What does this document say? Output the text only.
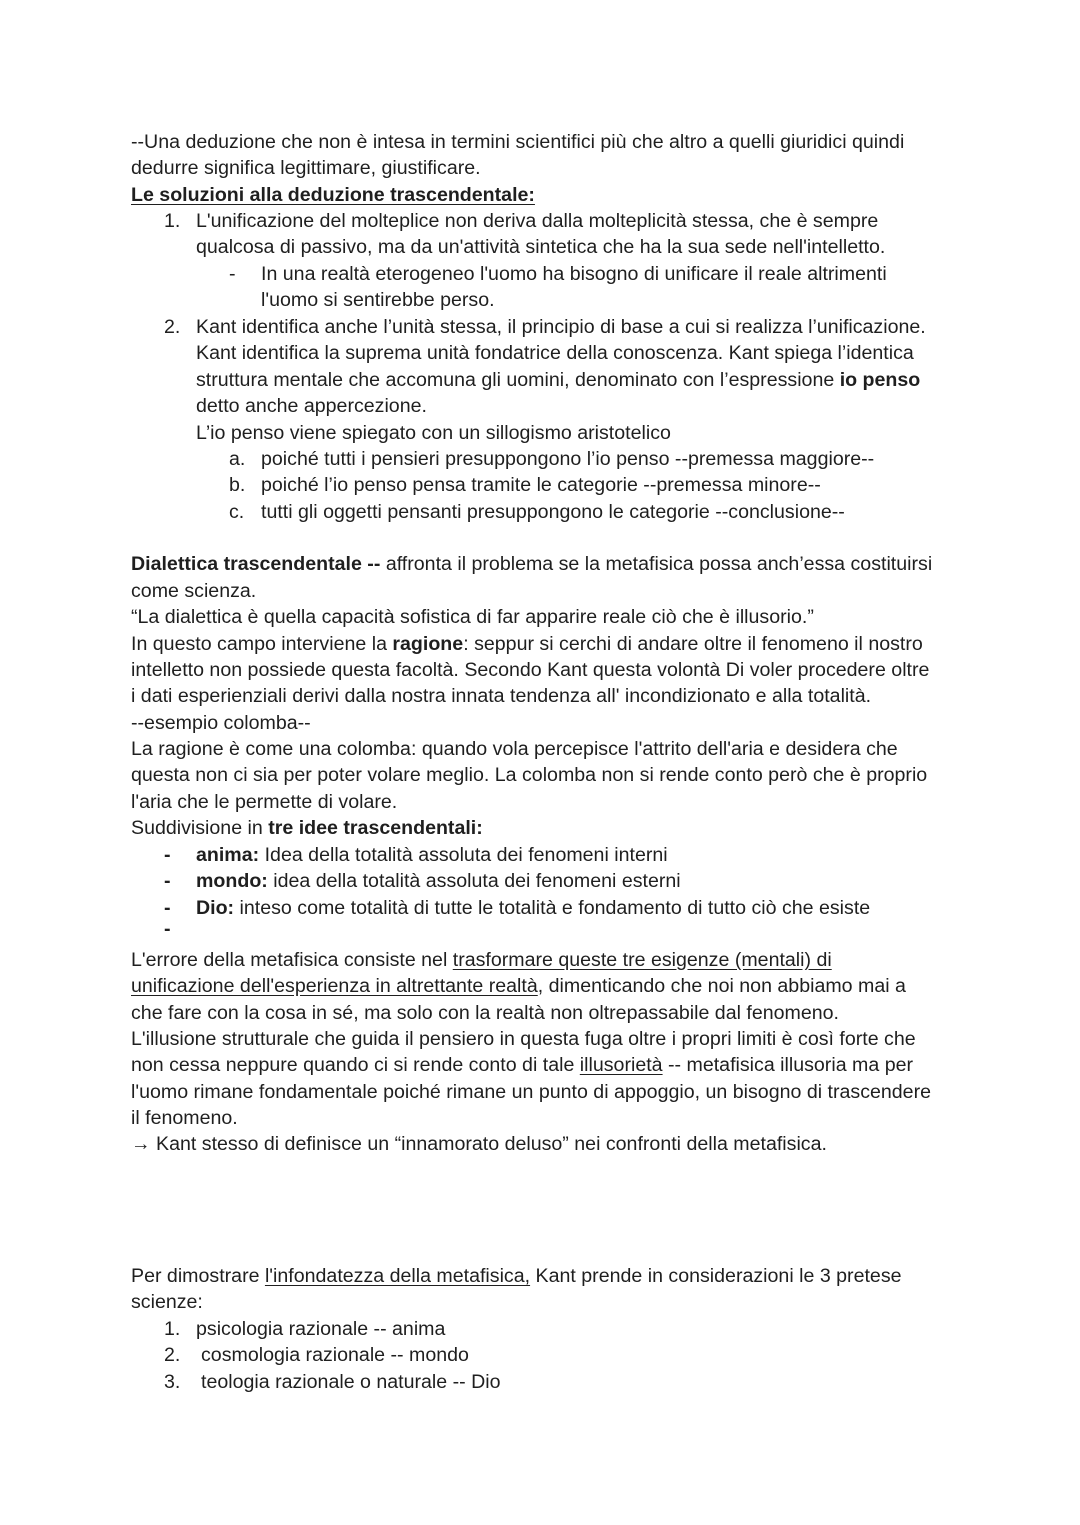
--Una deduzione che non è intesa in termini scientifici più che altro a quelli giuridici quindi
dedurre significa legittimare, giustificare.
Le soluzioni alla deduzione trascendentale:
1. L'unificazione del molteplice non deriva dalla molteplicità stessa, che è sempre
qualcosa di passivo, ma da un'attività sintetica che ha la sua sede nell'intelletto.
- In una realtà eterogeneo l'uomo ha bisogno di unificare il reale altrimenti
l'uomo si sentirebbe perso.
2. Kant identifica anche l’unità stessa, il principio di base a cui si realizza l’unificazione.
Kant identifica la suprema unità fondatrice della conoscenza. Kant spiega l’identica
struttura mentale che accomuna gli uomini, denominato con l’espressione io penso
detto anche appercezione.
L’io penso viene spiegato con un sillogismo aristotelico
a. poiché tutti i pensieri presuppongono l’io penso --premessa maggiore--
b. poiché l’io penso pensa tramite le categorie --premessa minore--
c. tutti gli oggetti pensanti presuppongono le categorie --conclusione--
Dialettica trascendentale -- affronta il problema se la metafisica possa anch’essa costituirsi
come scienza.
“La dialettica è quella capacità sofistica di far apparire reale ciò che è illusorio.”
In questo campo interviene la ragione: seppur si cerchi di andare oltre il fenomeno il nostro
intelletto non possiede questa facoltà. Secondo Kant questa volontà Di voler procedere oltre
i dati esperienziali derivi dalla nostra innata tendenza all' incondizionato e alla totalità.
--esempio colomba--
La ragione è come una colomba: quando vola percepisce l'attrito dell'aria e desidera che
questa non ci sia per poter volare meglio. La colomba non si rende conto però che è proprio
l'aria che le permette di volare.
Suddivisione in tre idee trascendentali:
- anima: Idea della totalità assoluta dei fenomeni interni
- mondo: idea della totalità assoluta dei fenomeni esterni
- Dio: inteso come totalità di tutte le totalità e fondamento di tutto ciò che esiste
-
L'errore della metafisica consiste nel trasformare queste tre esigenze (mentali) di
unificazione dell'esperienza in altrettante realtà, dimenticando che noi non abbiamo mai a
che fare con la cosa in sé, ma solo con la realtà non oltrepassabile dal fenomeno.
L'illusione strutturale che guida il pensiero in questa fuga oltre i propri limiti è così forte che
non cessa neppure quando ci si rende conto di tale illusorietà -- metafisica illusoria ma per
l'uomo rimane fondamentale poiché rimane un punto di appoggio, un bisogno di trascendere
il fenomeno.
→ Kant stesso di definisce un “innamorato deluso” nei confronti della metafisica.
Per dimostrare l'infondatezza della metafisica, Kant prende in considerazioni le 3 pretese
scienze:
1. psicologia razionale -- anima
2. cosmologia razionale -- mondo
3. teologia razionale o naturale -- Dio
